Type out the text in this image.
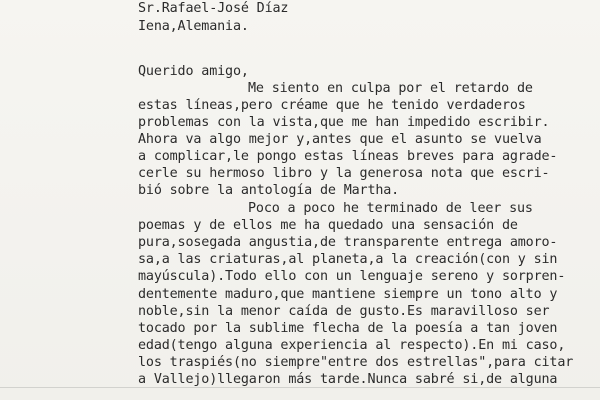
Sr.Rafael-José Díaz
Iena,Alemania.
Querido amigo,
Me siento en culpa por el retardo de
estas líneas,pero créame que he tenido verdaderos
problemas con la vista,que me han impedido escribir.
Ahora va algo mejor y,antes que el asunto se vuelva
a complicar,le pongo estas líneas breves para agrade-
cerle su hermoso libro y la generosa nota que escri-
bió sobre la antología de Martha.
Poco a poco he terminado de leer sus
poemas y de ellos me ha quedado una sensación de
pura,sosegada angustia,de transparente entrega amoro-
sa,a las criaturas,al planeta,a la creación(con y sin
mayúscula).Todo ello con un lenguaje sereno y sorpren-
dentemente maduro,que mantiene siempre un tono alto y
noble,sin la menor caída de gusto.Es maravilloso ser
tocado por la sublime flecha de la poesía a tan joven
edad(tengo alguna experiencia al respecto).En mi caso,
los traspiés(no siempre"entre dos estrellas",para citar
a Vallejo)llegaron más tarde.Nunca sabré si,de alguna
